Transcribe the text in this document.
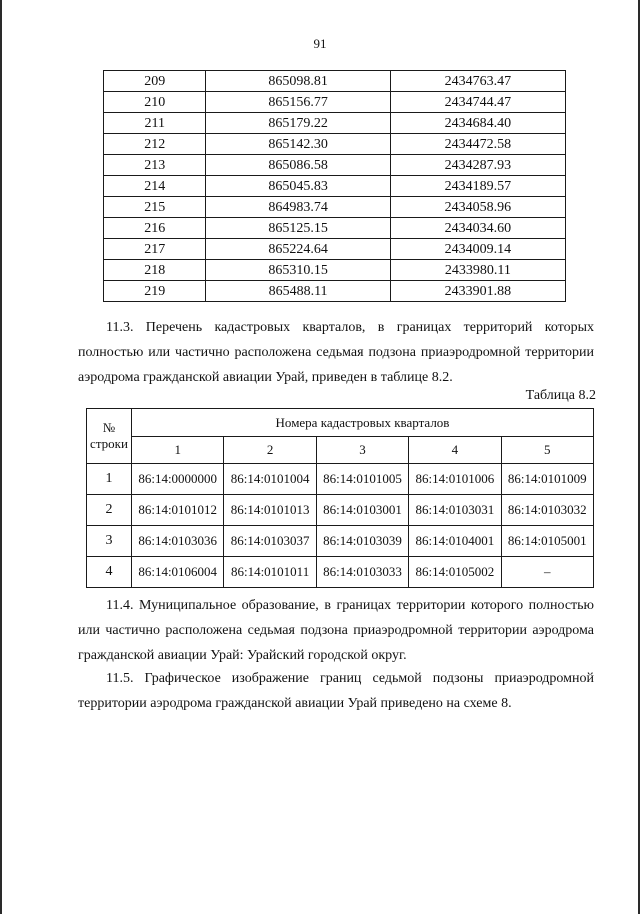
91
209	865098.81	2434763.47
210	865156.77	2434744.47
211	865179.22	2434684.40
212	865142.30	2434472.58
213	865086.58	2434287.93
214	865045.83	2434189.57
215	864983.74	2434058.96
216	865125.15	2434034.60
217	865224.64	2434009.14
218	865310.15	2433980.11
219	865488.11	2433901.88
11.3. Перечень кадастровых кварталов, в границах территорий которых
полностью или частично расположена седьмая подзона приаэродромной территории
аэродрома гражданской авиации Урай, приведен в таблице 8.2.
Таблица 8.2
№
строки	Номера кадастровых кварталов				
	1	2	3	4	5
1	86:14:0000000	86:14:0101004	86:14:0101005	86:14:0101006	86:14:0101009
2	86:14:0101012	86:14:0101013	86:14:0103001	86:14:0103031	86:14:0103032
3	86:14:0103036	86:14:0103037	86:14:0103039	86:14:0104001	86:14:0105001
4	86:14:0106004	86:14:0101011	86:14:0103033	86:14:0105002	–
11.4. Муниципальное образование, в границах территории которого полностью
или частично расположена седьмая подзона приаэродромной территории аэродрома
гражданской авиации Урай: Урайский городской округ.
11.5. Графическое изображение границ седьмой подзоны приаэродромной
территории аэродрома гражданской авиации Урай приведено на схеме 8.
